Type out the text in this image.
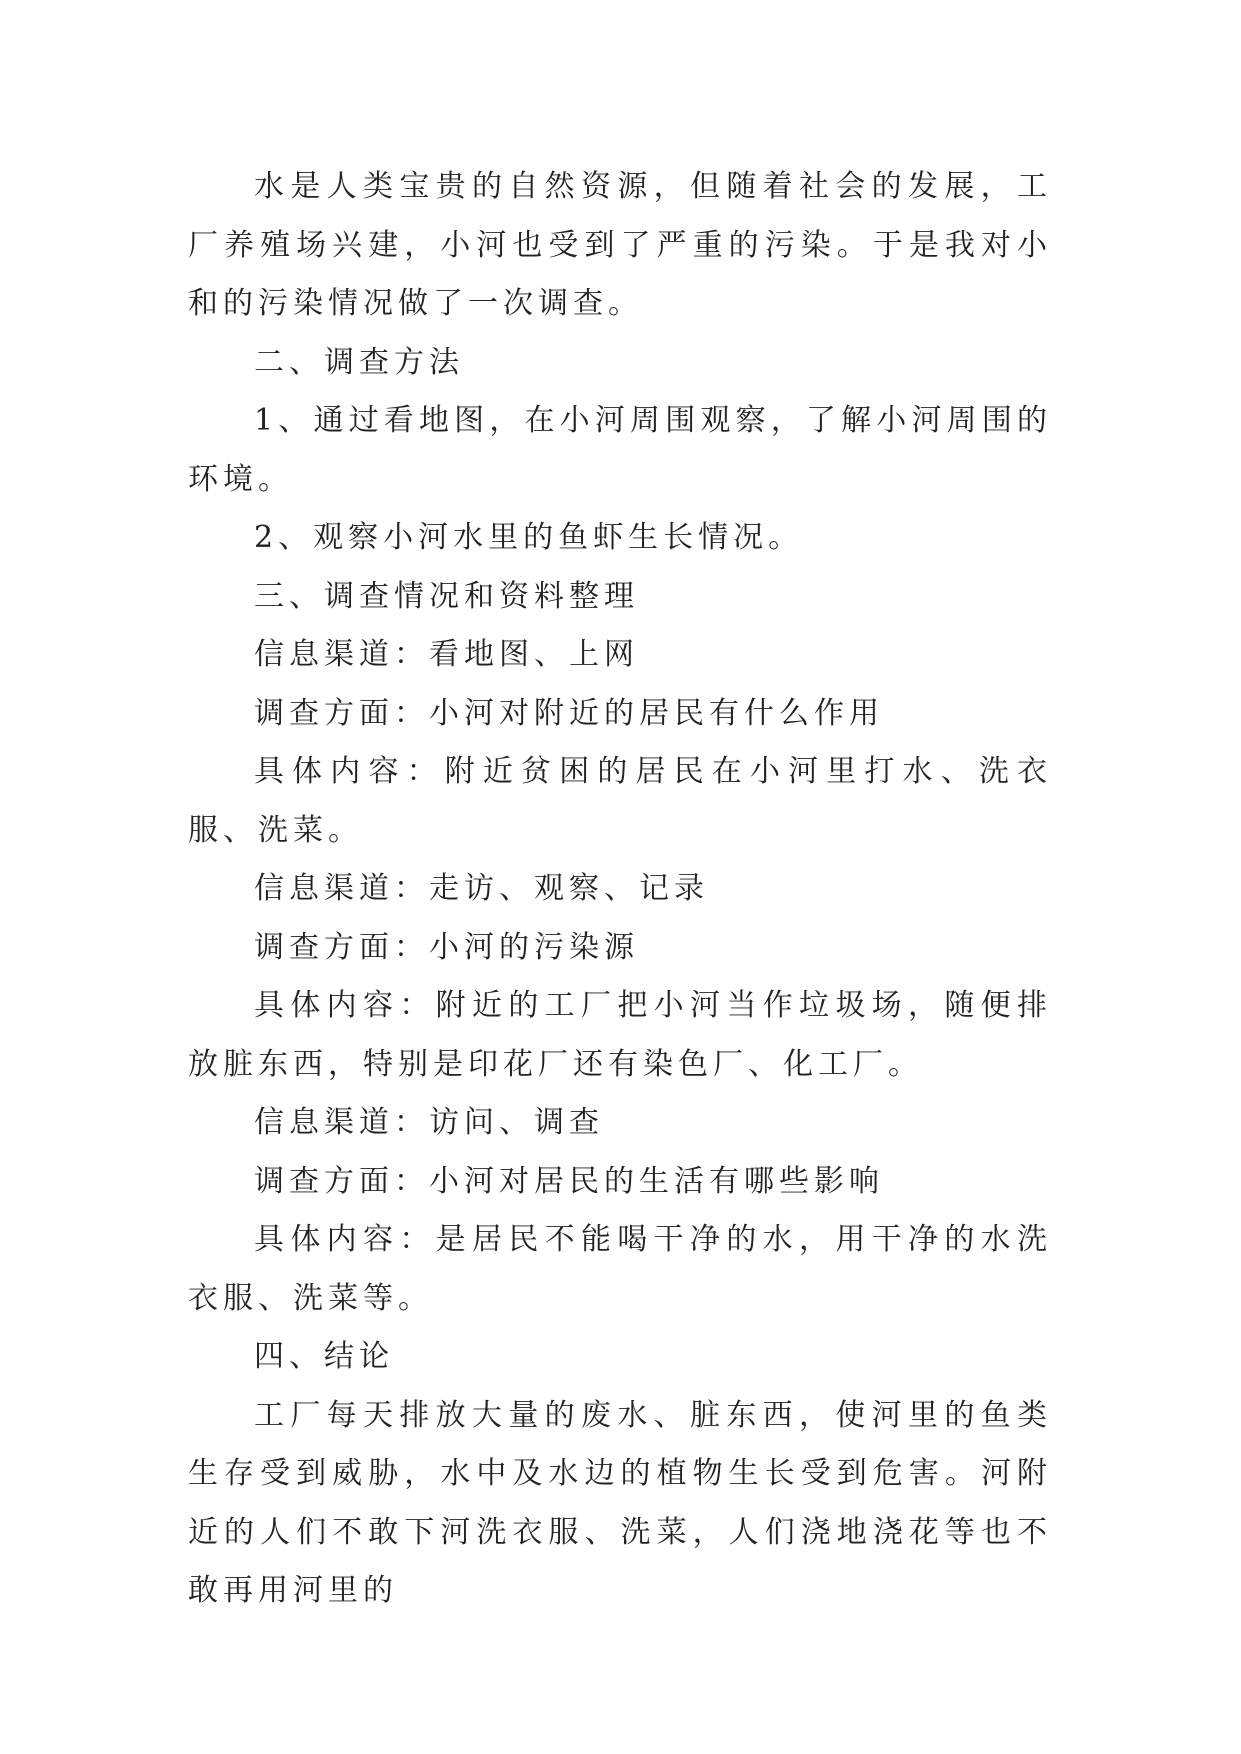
水是人类宝贵的自然资源，但随着社会的发展，工厂养殖场兴建，小河也受到了严重的污染。于是我对小和的污染情况做了一次调查。

二、调查方法

1、通过看地图，在小河周围观察，了解小河周围的环境。

2、观察小河水里的鱼虾生长情况。

三、调查情况和资料整理

信息渠道：看地图、上网

调查方面：小河对附近的居民有什么作用

具体内容：附近贫困的居民在小河里打水、洗衣服、洗菜。

信息渠道：走访、观察、记录

调查方面：小河的污染源

具体内容：附近的工厂把小河当作垃圾场，随便排放脏东西，特别是印花厂还有染色厂、化工厂。

信息渠道：访问、调查

调查方面：小河对居民的生活有哪些影响

具体内容：是居民不能喝干净的水，用干净的水洗衣服、洗菜等。

四、结论

工厂每天排放大量的废水、脏东西，使河里的鱼类生存受到威胁，水中及水边的植物生长受到危害。河附近的人们不敢下河洗衣服、洗菜，人们浇地浇花等也不敢再用河里的
